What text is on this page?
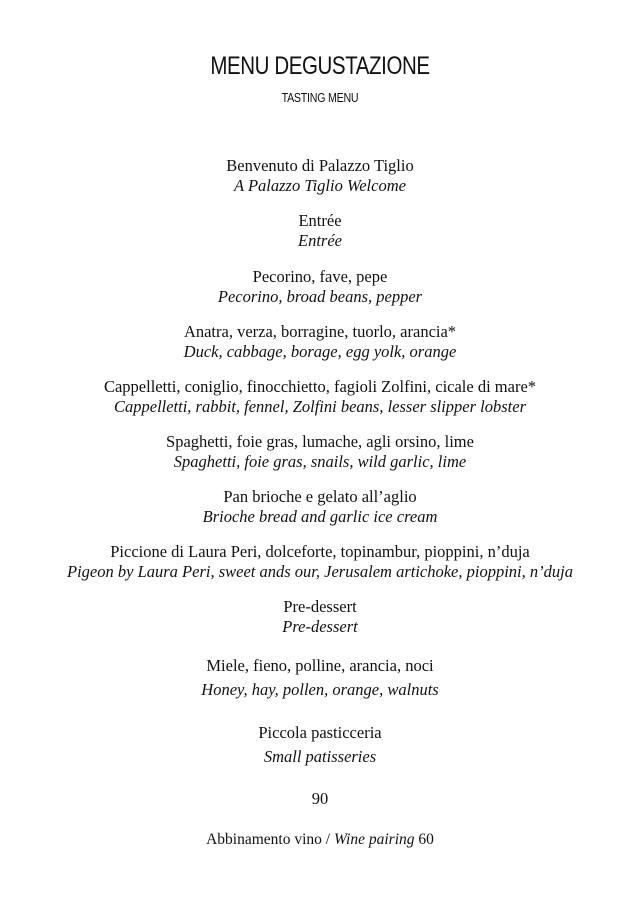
MENU DEGUSTAZIONE
TASTING MENU
Benvenuto di Palazzo Tiglio
A Palazzo Tiglio Welcome
Entrée
Entrée
Pecorino, fave, pepe
Pecorino, broad beans, pepper
Anatra, verza, borragine, tuorlo, arancia*
Duck, cabbage, borage, egg yolk, orange
Cappelletti, coniglio, finocchietto, fagioli Zolfini, cicale di mare*
Cappelletti, rabbit, fennel, Zolfini beans, lesser slipper lobster
Spaghetti, foie gras, lumache, agli orsino, lime
Spaghetti, foie gras, snails, wild garlic, lime
Pan brioche e gelato all’aglio
Brioche bread and garlic ice cream
Piccione di Laura Peri, dolceforte, topinambur, pioppini, n’duja
Pigeon by Laura Peri, sweet ands our, Jerusalem artichoke, pioppini, n’duja
Pre-dessert
Pre-dessert
Miele, fieno, polline, arancia, noci
Honey, hay, pollen, orange, walnuts
Piccola pasticceria
Small patisseries
90
Abbinamento vino / Wine pairing 60
